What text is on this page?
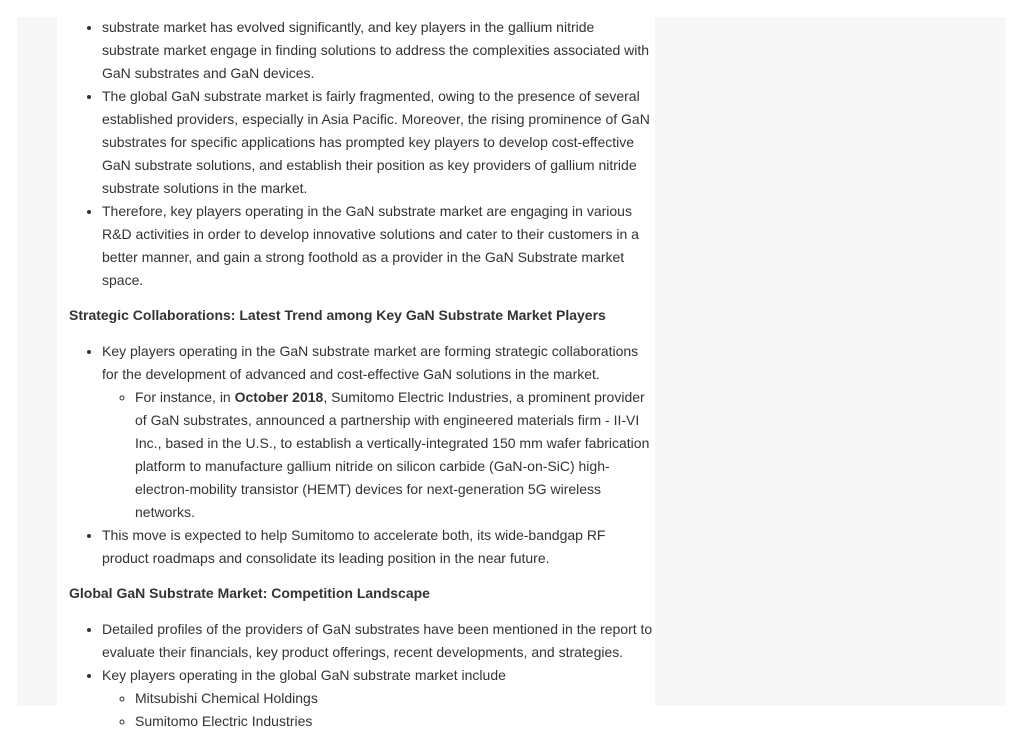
• substrate market has evolved significantly, and key players in the gallium nitride substrate market engage in finding solutions to address the complexities associated with GaN substrates and GaN devices.
• The global GaN substrate market is fairly fragmented, owing to the presence of several established providers, especially in Asia Pacific. Moreover, the rising prominence of GaN substrates for specific applications has prompted key players to develop cost-effective GaN substrate solutions, and establish their position as key providers of gallium nitride substrate solutions in the market.
• Therefore, key players operating in the GaN substrate market are engaging in various R&D activities in order to develop innovative solutions and cater to their customers in a better manner, and gain a strong foothold as a provider in the GaN Substrate market space.
Strategic Collaborations: Latest Trend among Key GaN Substrate Market Players
• Key players operating in the GaN substrate market are forming strategic collaborations for the development of advanced and cost-effective GaN solutions in the market.
◦ For instance, in October 2018, Sumitomo Electric Industries, a prominent provider of GaN substrates, announced a partnership with engineered materials firm - II-VI Inc., based in the U.S., to establish a vertically-integrated 150 mm wafer fabrication platform to manufacture gallium nitride on silicon carbide (GaN-on-SiC) high-electron-mobility transistor (HEMT) devices for next-generation 5G wireless networks.
• This move is expected to help Sumitomo to accelerate both, its wide-bandgap RF product roadmaps and consolidate its leading position in the near future.
Global GaN Substrate Market: Competition Landscape
• Detailed profiles of the providers of GaN substrates have been mentioned in the report to evaluate their financials, key product offerings, recent developments, and strategies.
• Key players operating in the global GaN substrate market include
◦ Mitsubishi Chemical Holdings
◦ Sumitomo Electric Industries
